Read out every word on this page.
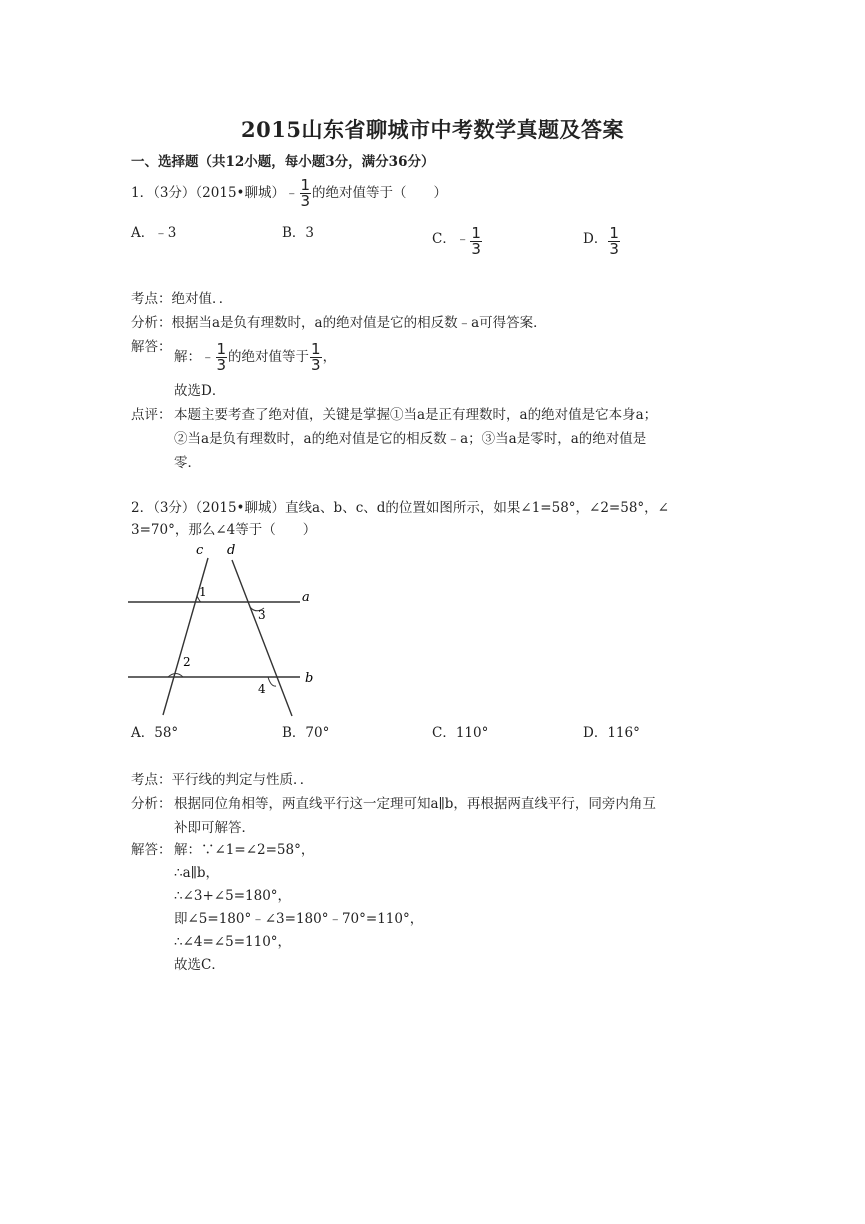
2015山东省聊城市中考数学真题及答案
一、选择题（共12小题，每小题3分，满分36分）
1．（3分）（2015•聊城）﹣ $\frac{1}{3}$ 的绝对值等于（　　）
A．﹣3	B．3	C．﹣ $\frac{1}{3}$	D． $\frac{1}{3}$
考点：绝对值．．
分析：根据当a是负有理数时，a的绝对值是它的相反数﹣a可得答案．
解答：
解：﹣ $\frac{1}{3}$ 的绝对值等于 $\frac{1}{3}$ ，
故选D．
点评： 本题主要考查了绝对值，关键是掌握①当a是正有理数时，a的绝对值是它本身a；
②当a是负有理数时，a的绝对值是它的相反数﹣a；③当a是零时，a的绝对值是
零．
2．（3分）（2015•聊城）直线a、b、c、d的位置如图所示，如果∠1=58°，∠2=58°，∠
3=70°，那么∠4等于（　　）
c d
a
b
1
2
3
4
A．58°	B．70°	C．110°	D．116°
考点：平行线的判定与性质．．
分析： 根据同位角相等，两直线平行这一定理可知a∥b，再根据两直线平行，同旁内角互
补即可解答．
解答： 解：∵∠1=∠2=58°，
∴a∥b，
∴∠3+∠5=180°，
即∠5=180°﹣∠3=180°﹣70°=110°，
∴∠4=∠5=110°，
故选C．
